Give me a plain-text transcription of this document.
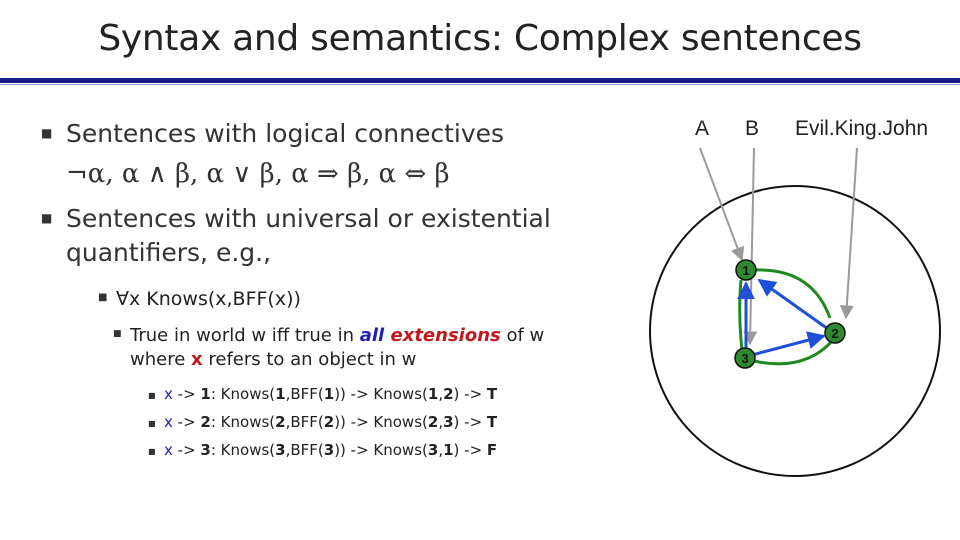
Syntax and semantics: Complex sentences
■ Sentences with logical connectives
¬α, α ∧ β, α ∨ β, α ⇒ β, α ⇔ β
■ Sentences with universal or existential
quantifiers, e.g.,
■ ∀x Knows(x,BFF(x))
■ True in world w iff true in all extensions of w
where x refers to an object in w
■ x -> 1: Knows(1,BFF(1)) -> Knows(1,2) -> T
■ x -> 2: Knows(2,BFF(2)) -> Knows(2,3) -> T
■ x -> 3: Knows(3,BFF(3)) -> Knows(3,1) -> F
A B Evil.King.John
1
2
3
